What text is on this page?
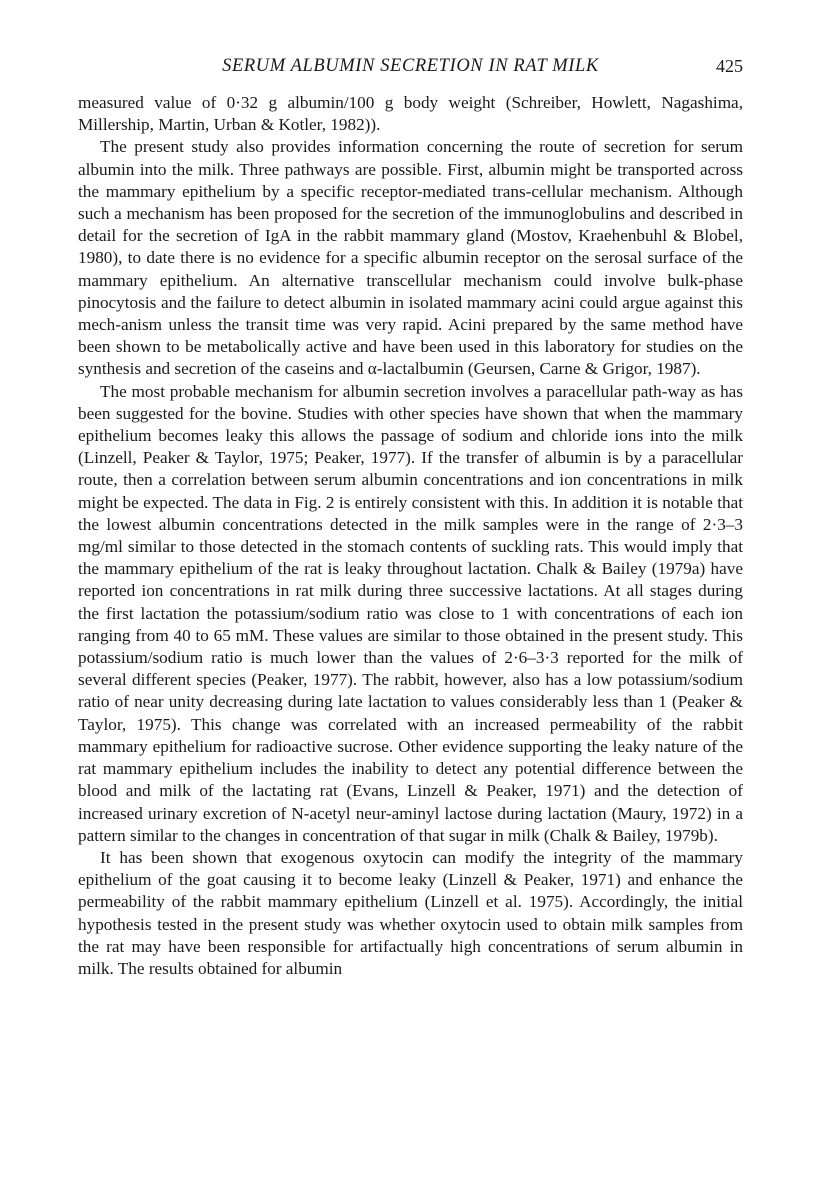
SERUM ALBUMIN SECRETION IN RAT MILK	425

measured value of 0·32 g albumin/100 g body weight (Schreiber, Howlett, Nagashima, Millership, Martin, Urban & Kotler, 1982)).

The present study also provides information concerning the route of secretion for serum albumin into the milk. Three pathways are possible. First, albumin might be transported across the mammary epithelium by a specific receptor-mediated trans-cellular mechanism. Although such a mechanism has been proposed for the secretion of the immunoglobulins and described in detail for the secretion of IgA in the rabbit mammary gland (Mostov, Kraehenbuhl & Blobel, 1980), to date there is no evidence for a specific albumin receptor on the serosal surface of the mammary epithelium. An alternative transcellular mechanism could involve bulk-phase pinocytosis and the failure to detect albumin in isolated mammary acini could argue against this mech-anism unless the transit time was very rapid. Acini prepared by the same method have been shown to be metabolically active and have been used in this laboratory for studies on the synthesis and secretion of the caseins and α-lactalbumin (Geursen, Carne & Grigor, 1987).

The most probable mechanism for albumin secretion involves a paracellular path-way as has been suggested for the bovine. Studies with other species have shown that when the mammary epithelium becomes leaky this allows the passage of sodium and chloride ions into the milk (Linzell, Peaker & Taylor, 1975; Peaker, 1977). If the transfer of albumin is by a paracellular route, then a correlation between serum albumin concentrations and ion concentrations in milk might be expected. The data in Fig. 2 is entirely consistent with this. In addition it is notable that the lowest albumin concentrations detected in the milk samples were in the range of 2·3–3 mg/ml similar to those detected in the stomach contents of suckling rats. This would imply that the mammary epithelium of the rat is leaky throughout lactation. Chalk & Bailey (1979a) have reported ion concentrations in rat milk during three successive lactations. At all stages during the first lactation the potassium/sodium ratio was close to 1 with concentrations of each ion ranging from 40 to 65 mM. These values are similar to those obtained in the present study. This potassium/sodium ratio is much lower than the values of 2·6–3·3 reported for the milk of several different species (Peaker, 1977). The rabbit, however, also has a low potassium/sodium ratio of near unity decreasing during late lactation to values considerably less than 1 (Peaker & Taylor, 1975). This change was correlated with an increased permeability of the rabbit mammary epithelium for radioactive sucrose. Other evidence supporting the leaky nature of the rat mammary epithelium includes the inability to detect any potential difference between the blood and milk of the lactating rat (Evans, Linzell & Peaker, 1971) and the detection of increased urinary excretion of N-acetyl neur-aminyl lactose during lactation (Maury, 1972) in a pattern similar to the changes in concentration of that sugar in milk (Chalk & Bailey, 1979b).

It has been shown that exogenous oxytocin can modify the integrity of the mammary epithelium of the goat causing it to become leaky (Linzell & Peaker, 1971) and enhance the permeability of the rabbit mammary epithelium (Linzell et al. 1975). Accordingly, the initial hypothesis tested in the present study was whether oxytocin used to obtain milk samples from the rat may have been responsible for artifactually high concentrations of serum albumin in milk. The results obtained for albumin
